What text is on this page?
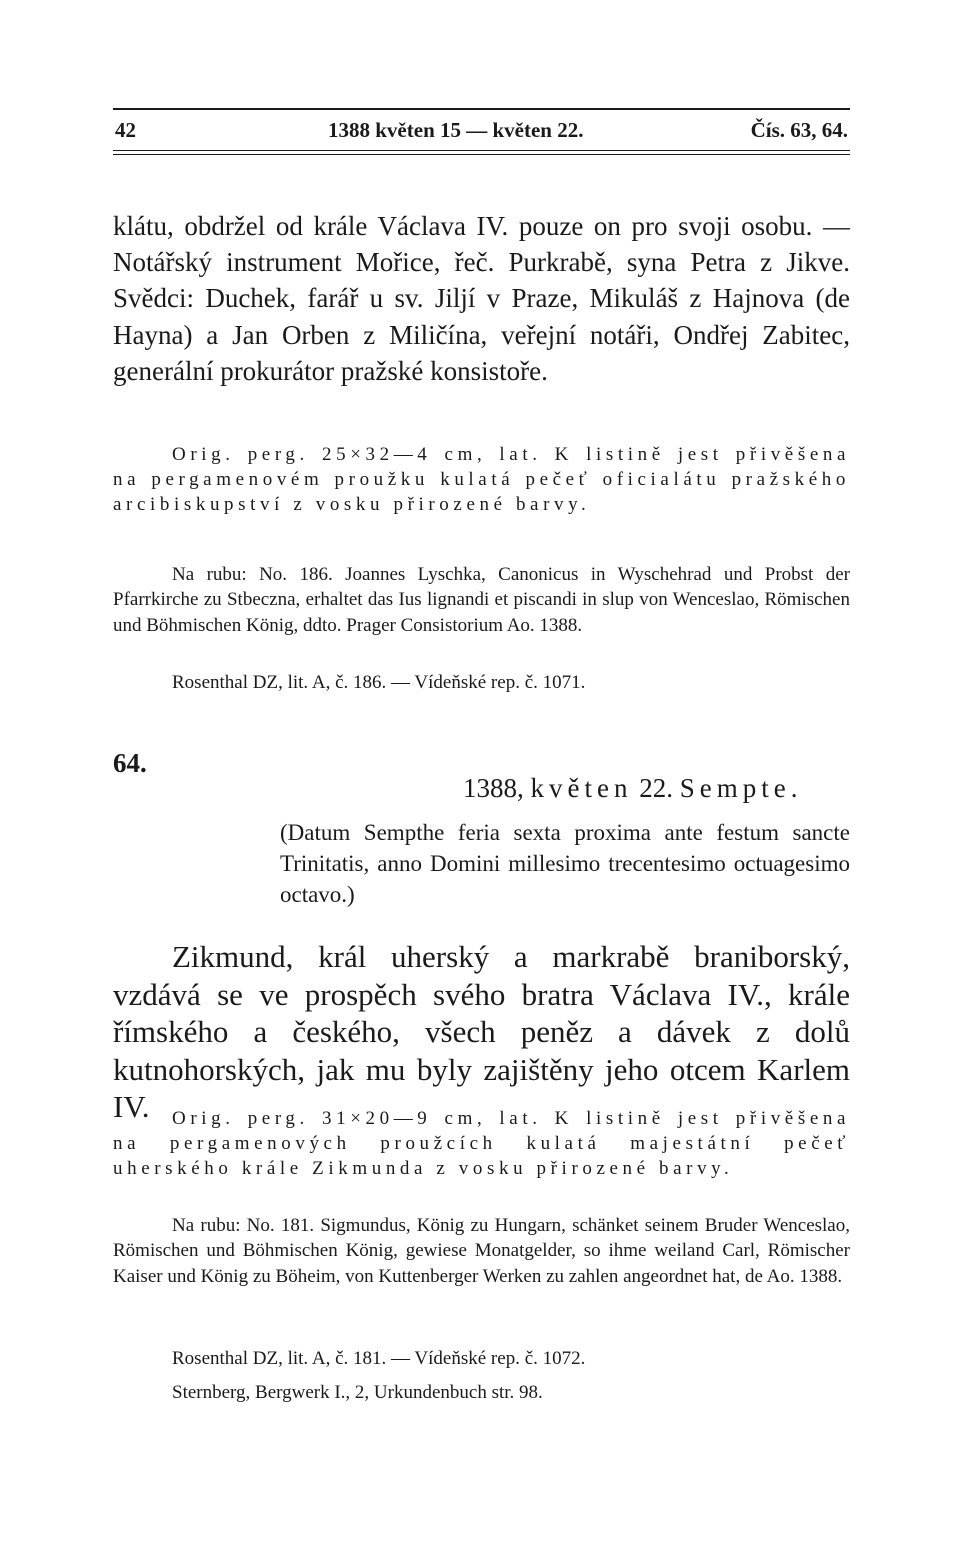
42	1388 květen 15 — květen 22.	Čís. 63, 64.

klátu, obdržel od krále Václava IV. pouze on pro svoji osobu. — Notářský instrument Mořice, řeč. Purkrabě, syna Petra z Jikve. Svědci: Duchek, farář u sv. Jiljí v Praze, Mikuláš z Hajnova (de Hayna) a Jan Orben z Miličína, veřejní notáři, Ondřej Zabitec, generální prokurátor pražské konsistoře.

Orig. perg. 25×32—4 cm, lat. K listině jest přivěšena na pergamenovém proužku kulatá pečeť oficialátu pražského arcibiskupství z vosku přirozené barvy.

Na rubu: No. 186. Joannes Lyschka, Canonicus in Wyschehrad und Probst der Pfarrkirche zu Stbeczna, erhaltet das Ius lignandi et piscandi in slup von Wenceslao, Römischen und Böhmischen König, ddto. Prager Consistorium Ao. 1388.

Rosenthal DZ, lit. A, č. 186. — Vídeňské rep. č. 1071.

64.
1388, květen 22. Sempte.

(Datum Sempthe feria sexta proxima ante festum sancte Trinitatis, anno Domini millesimo trecentesimo octuagesimo octavo.)

Zikmund, král uherský a markrabě braniborský, vzdává se ve prospěch svého bratra Václava IV., krále římského a českého, všech peněz a dávek z dolů kutnohorských, jak mu byly zajištěny jeho otcem Karlem IV.	Orig. perg. 31×20—9 cm, lat. K listině jest přivěšena na pergamenových proužcích kulatá majestátní pečeť uherského krále Zikmunda z vosku přirozené barvy.

Na rubu: No. 181. Sigmundus, König zu Hungarn, schänket seinem Bruder Wenceslao, Römischen und Böhmischen König, gewiese Monatgelder, so ihme weiland Carl, Römischer Kaiser und König zu Böheim, von Kuttenberger Werken zu zahlen angeordnet hat, de Ao. 1388.

Rosenthal DZ, lit. A, č. 181. — Vídeňské rep. č. 1072.

Sternberg, Bergwerk I., 2, Urkundenbuch str. 98.
